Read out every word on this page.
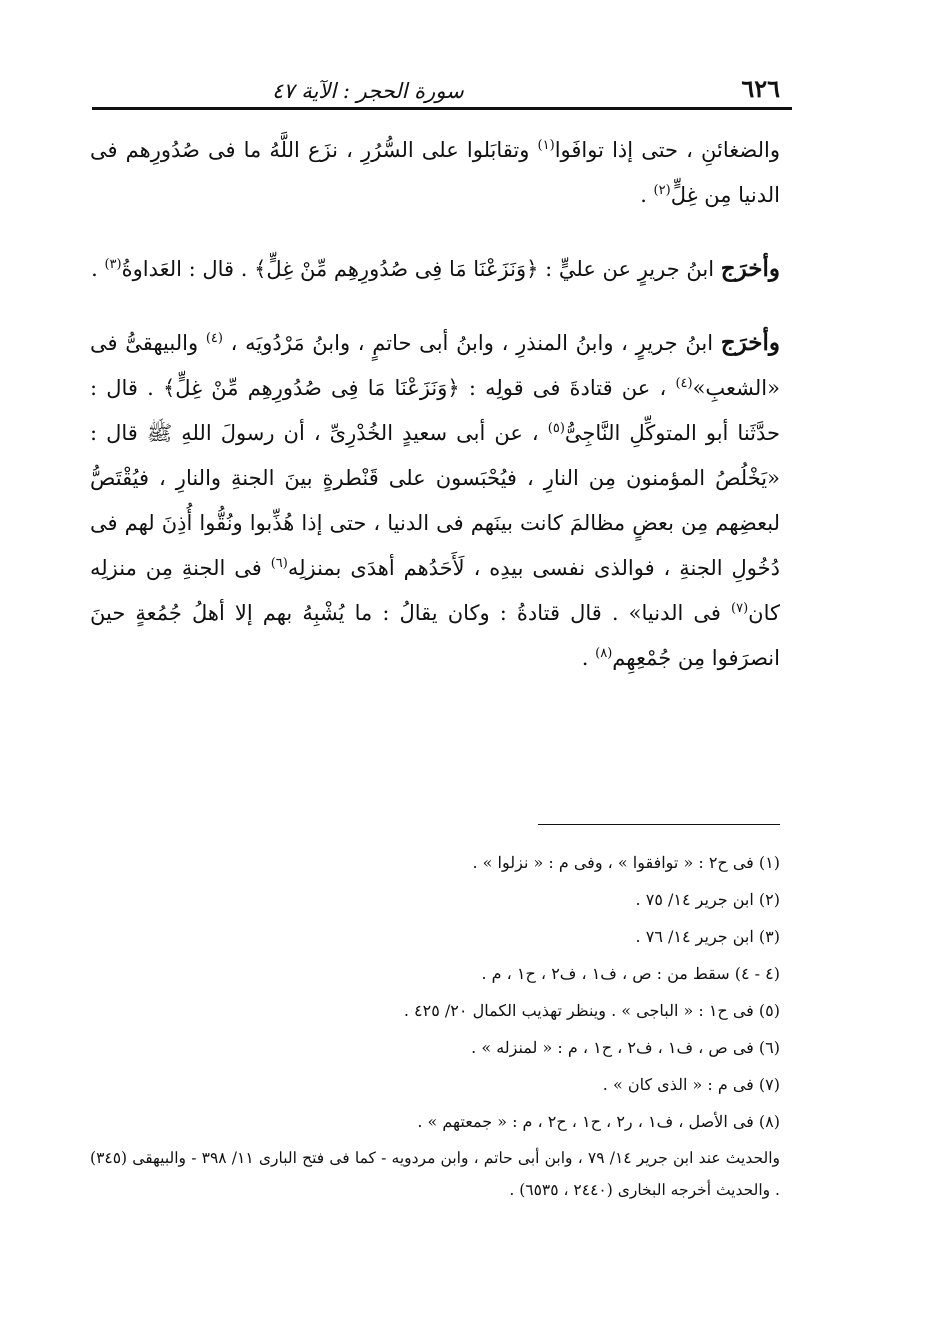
٦٢٦
سورة الحجر : الآية ٤٧

والضغائنِ ، حتى إذا توافَوا$^{(١)}$ وتقابَلوا على السُّرُرِ ، نزَع اللَّهُ ما فى صُدُورِهم فى الدنيا مِن غِلٍّ$^{(٢)}$ .

وأخرَج ابنُ جريرٍ عن عليٍّ : ﴿وَنَزَعْنَا مَا فِى صُدُورِهِم مِّنْ غِلٍّ﴾ . قال : العَداوةُ$^{(٣)}$ .

وأخرَج ابنُ جريرٍ ، وابنُ المنذرِ ، وابنُ أبى حاتمٍ ، وابنُ مَرْدُويَه ، $^{(٤)}$ والبيهقىُّ فى «الشعبِ»$^{(٤)}$ ، عن قتادةَ فى قولِه : ﴿وَنَزَعْنَا مَا فِى صُدُورِهِم مِّنْ غِلٍّ﴾ . قال : حدَّثَنا أبو المتوكِّلِ النَّاجِىُّ$^{(٥)}$ ، عن أبى سعيدٍ الخُدْرِىِّ ، أن رسولَ اللهِ ﷺ قال : «يَخْلُصُ المؤمنون مِن النارِ ، فيُحْبَسون على قَنْطرةٍ بينَ الجنةِ والنارِ ، فيُقْتَصُّ لبعضِهم مِن بعضٍ مظالمَ كانت بينَهم فى الدنيا ، حتى إذا هُذِّبوا ونُقُّوا أُذِنَ لهم فى دُخُولِ الجنةِ ، فوالذى نفسى بيدِه ، لَأَحَدُهم أهدَى بمنزلِه$^{(٦)}$ فى الجنةِ مِن منزلِه كان$^{(٧)}$ فى الدنيا» . قال قتادةُ : وكان يقالُ : ما يُشْبِهُ بهم إلا أهلُ جُمُعةٍ حينَ انصرَفوا مِن جُمْعِهِم$^{(٨)}$ .

(١) فى ح٢ : « توافقوا » ، وفى م : « نزلوا » .

(٢) ابن جرير ١٤/ ٧٥ .

(٣) ابن جرير ١٤/ ٧٦ .

(٤ - ٤) سقط من : ص ، ف١ ، ف٢ ، ح١ ، م .

(٥) فى ح١ : « الباجى » . وينظر تهذيب الكمال ٢٠/ ٤٢٥ .

(٦) فى ص ، ف١ ، ف٢ ، ح١ ، م : « لمنزله » .

(٧) فى م : « الذى كان » .

(٨) فى الأصل ، ف١ ، ر٢ ، ح١ ، ح٢ ، م : « جمعتهم » .

والحديث عند ابن جرير ١٤/ ٧٩ ، وابن أبى حاتم ، وابن مردويه - كما فى فتح البارى ١١/ ٣٩٨ - والبيهقى (٣٤٥) . والحديث أخرجه البخارى (٢٤٤٠ ، ٦٥٣٥) .
